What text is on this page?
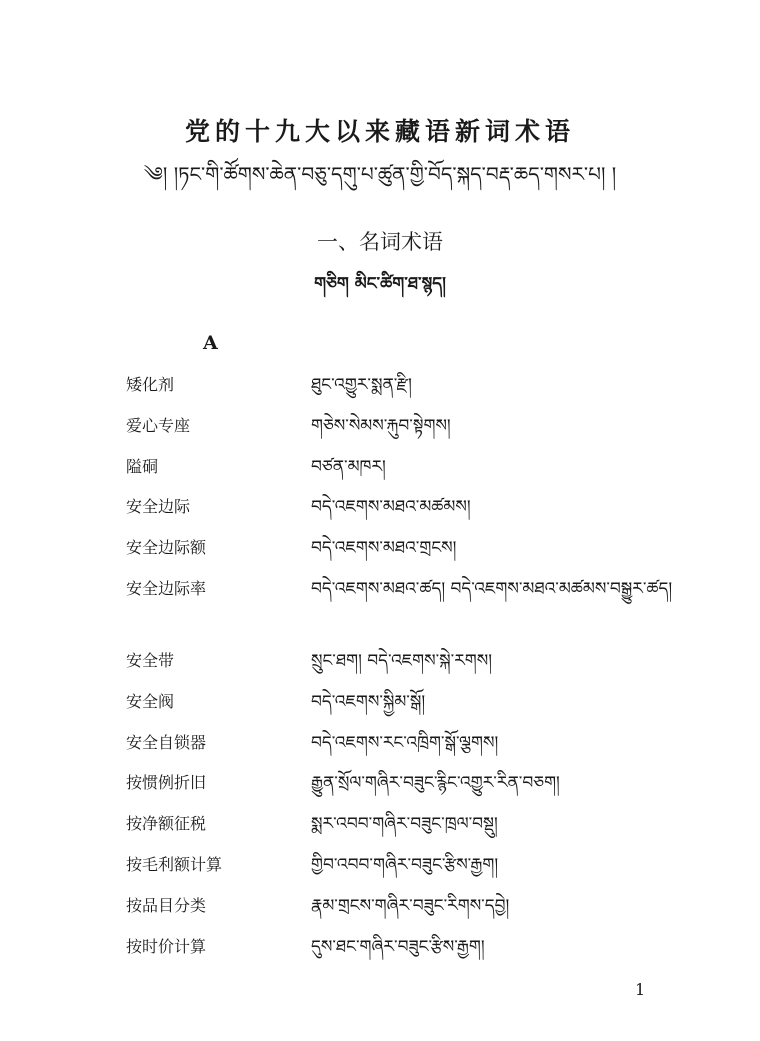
党的十九大以来藏语新词术语
༄། །ཏང་གི་ཚོགས་ཆེན་བཅུ་དགུ་པ་ཚུན་གྱི་བོད་སྐད་བརྡ་ཆད་གསར་པ། །
一、名词术语
གཅིག མིང་ཚིག་ཐ་སྙད།
A
矮化剂	ཐུང་འགྱུར་སྨན་རྫི།
爱心专座	གཅེས་སེམས་རྐུབ་སྟེགས།
隘硐	བཙན་མཁར།
安全边际	བདེ་འཇགས་མཐའ་མཚམས།
安全边际额	བདེ་འཇགས་མཐའ་གྲངས།
安全边际率	བདེ་འཇགས་མཐའ་ཚད། བདེ་འཇགས་མཐའ་མཚམས་བསྒྱུར་ཚད།
安全带	སྲུང་ཐག། བདེ་འཇགས་སྐེ་རགས།
安全阀	བདེ་འཇགས་སྐྱིམ་སྒོ།
安全自锁器	བདེ་འཇགས་རང་འཁྲིག་སྒོ་ལྕགས།
按惯例折旧	རྒྱུན་སྲོལ་གཞིར་བཟུང་རྙིང་འགྱུར་རིན་བཅག།
按净额征税	སྨར་འབབ་གཞིར་བཟུང་ཁྲལ་བསྡུ།
按毛利额计算	གྱིབ་འབབ་གཞིར་བཟུང་རྩིས་རྒྱག།
按品目分类	རྣམ་གྲངས་གཞིར་བཟུང་རིགས་དབྱེ།
按时价计算	དུས་ཐང་གཞིར་བཟུང་རྩིས་རྒྱག།
1
